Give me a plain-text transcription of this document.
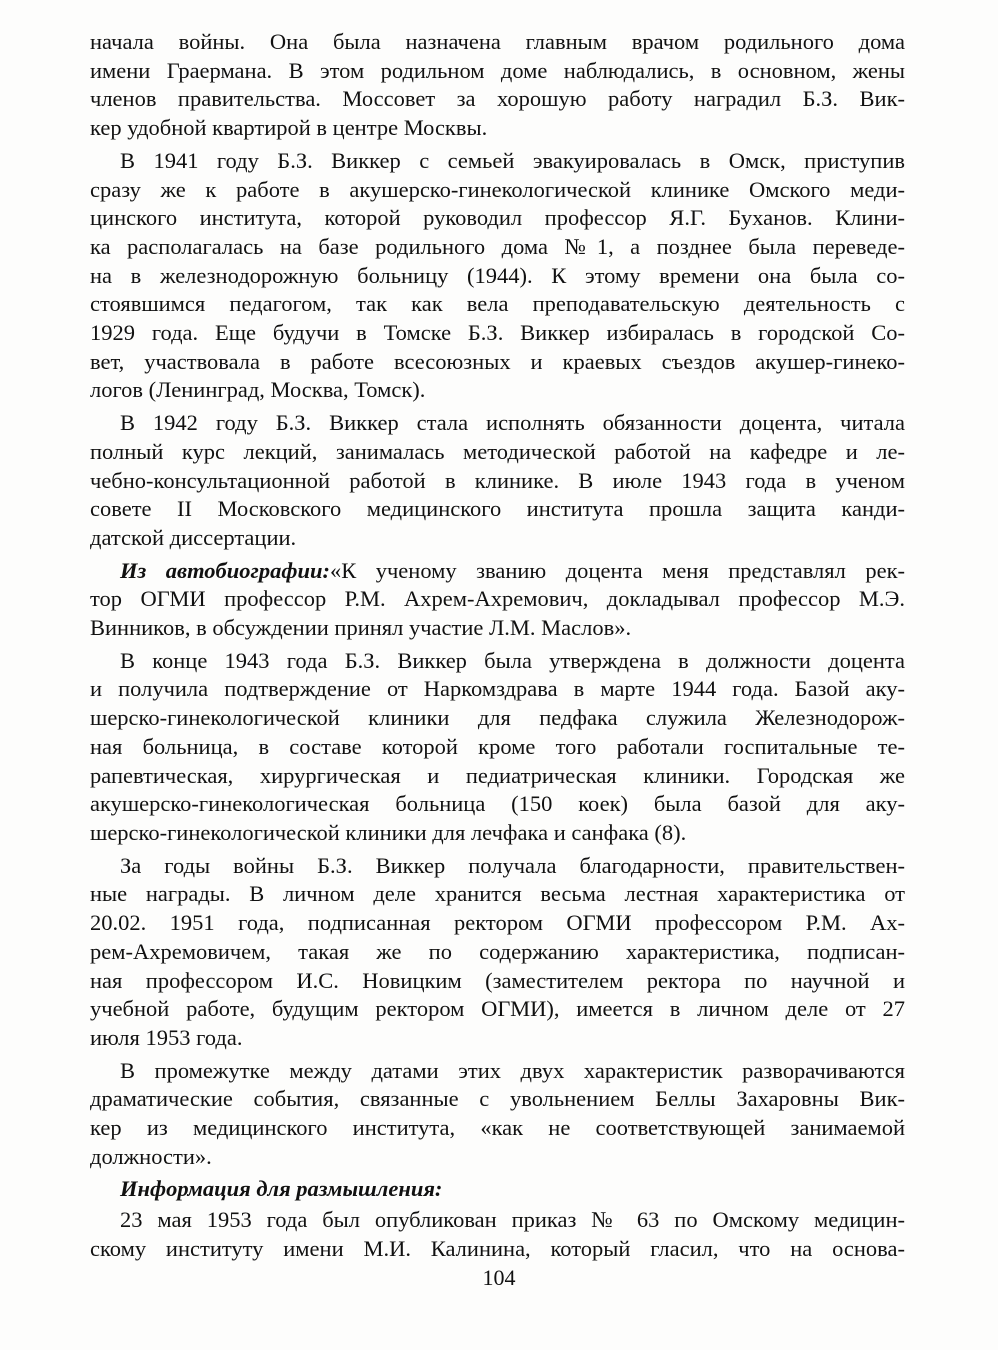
начала войны. Она была назначена главным врачом родильного дома
имени Граермана. В этом родильном доме наблюдались, в основном, жены
членов правительства. Моссовет за хорошую работу наградил Б.З. Вик-
кер удобной квартирой в центре Москвы.
В 1941 году Б.З. Виккер с семьей эвакуировалась в Омск, приступив
сразу же к работе в акушерско-гинекологической клинике Омского меди-
цинского института, которой руководил профессор Я.Г. Буханов. Клини-
ка располагалась на базе родильного дома №1, а позднее была переведе-
на в железнодорожную больницу (1944). К этому времени она была со-
стоявшимся педагогом, так как вела преподавательскую деятельность с
1929 года. Еще будучи в Томске Б.З. Виккер избиралась в городской Со-
вет, участвовала в работе всесоюзных и краевых съездов акушер-гинеко-
логов (Ленинград, Москва, Томск).
В 1942 году Б.З. Виккер стала исполнять обязанности доцента, читала
полный курс лекций, занималась методической работой на кафедре и ле-
чебно-консультационной работой в клинике. В июле 1943 года в ученом
совете II Московского медицинского института прошла защита канди-
датской диссертации.
Из автобиографии:«К ученому званию доцента меня представлял рек-
тор ОГМИ профессор Р.М. Ахрем-Ахремович, докладывал профессор М.Э.
Винников, в обсуждении принял участие Л.М. Маслов».
В конце 1943 года Б.З. Виккер была утверждена в должности доцента
и получила подтверждение от Наркомздрава в марте 1944 года. Базой аку-
шерско-гинекологической клиники для педфака служила Железнодорож-
ная больница, в составе которой кроме того работали госпитальные те-
рапевтическая, хирургическая и педиатрическая клиники. Городская же
акушерско-гинекологическая больница (150 коек) была базой для аку-
шерско-гинекологической клиники для лечфака и санфака (8).
За годы войны Б.З. Виккер получала благодарности, правительствен-
ные награды. В личном деле хранится весьма лестная характеристика от
20.02. 1951 года, подписанная ректором ОГМИ профессором Р.М. Ах-
рем-Ахремовичем, такая же по содержанию характеристика, подписан-
ная профессором И.С. Новицким (заместителем ректора по научной и
учебной работе, будущим ректором ОГМИ), имеется в личном деле от 27
июля 1953 года.
В промежутке между датами этих двух характеристик разворачиваются
драматические события, связанные с увольнением Беллы Захаровны Вик-
кер из медицинского института, «как не соответствующей занимаемой
должности».
Информация для размышления:
23 мая 1953 года был опубликован приказ № 63 по Омскому медицин-
скому институту имени М.И. Калинина, который гласил, что на основа-
104
